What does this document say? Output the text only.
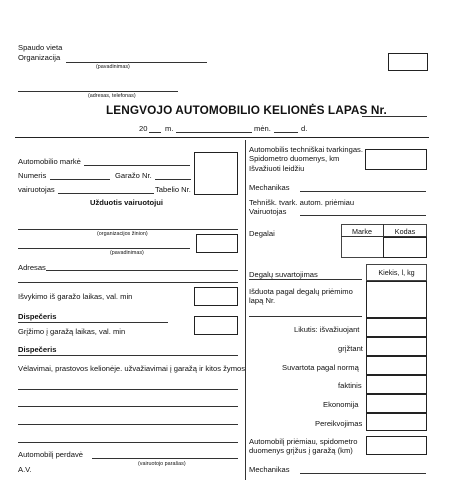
Spaudo vieta
Organizacija
(pavadinimas)
(adresas, telefonas)
LENGVOJO AUTOMOBILIO KELIONĖS LAPAS Nr.
20 m.	mėn.	d.
Automobilio markė
Numeris	Garažo Nr.
vairuotojas	Tabelio Nr.
Užduotis vairuotojui
(organizacijos žinion)
(pavadinimas)
Adresas
Išvykimo iš garažo laikas, val. min
Dispečeris
Grįžimo į garažą laikas, val. min
Dispečeris
Vėlavimai, prastovos kelionėje. užvažiavimai į garažą ir kitos žymos
Automobilį perdavė
(vairuotojo parašas)
A.V.
Automobilis techniškai tvarkingas.
Spidometro duomenys, km
Išvažiuoti leidžiu
Mechanikas
Tehnišk. tvark. autom. priėmiau
Vairuotojas
Degalai	Marke	Kodas
Degalų suvartojimas	Kiekis, l, kg
Išduota pagal degalų priėmimo
lapą Nr.
Likutis: išvažiuojant
grįžtant
Suvartota pagal normą
faktinis
Ekonomija
Pereikvojimas
Automobilį priėmiau, spidometro
duomenys grįžus į garažą (km)
Mechanikas
